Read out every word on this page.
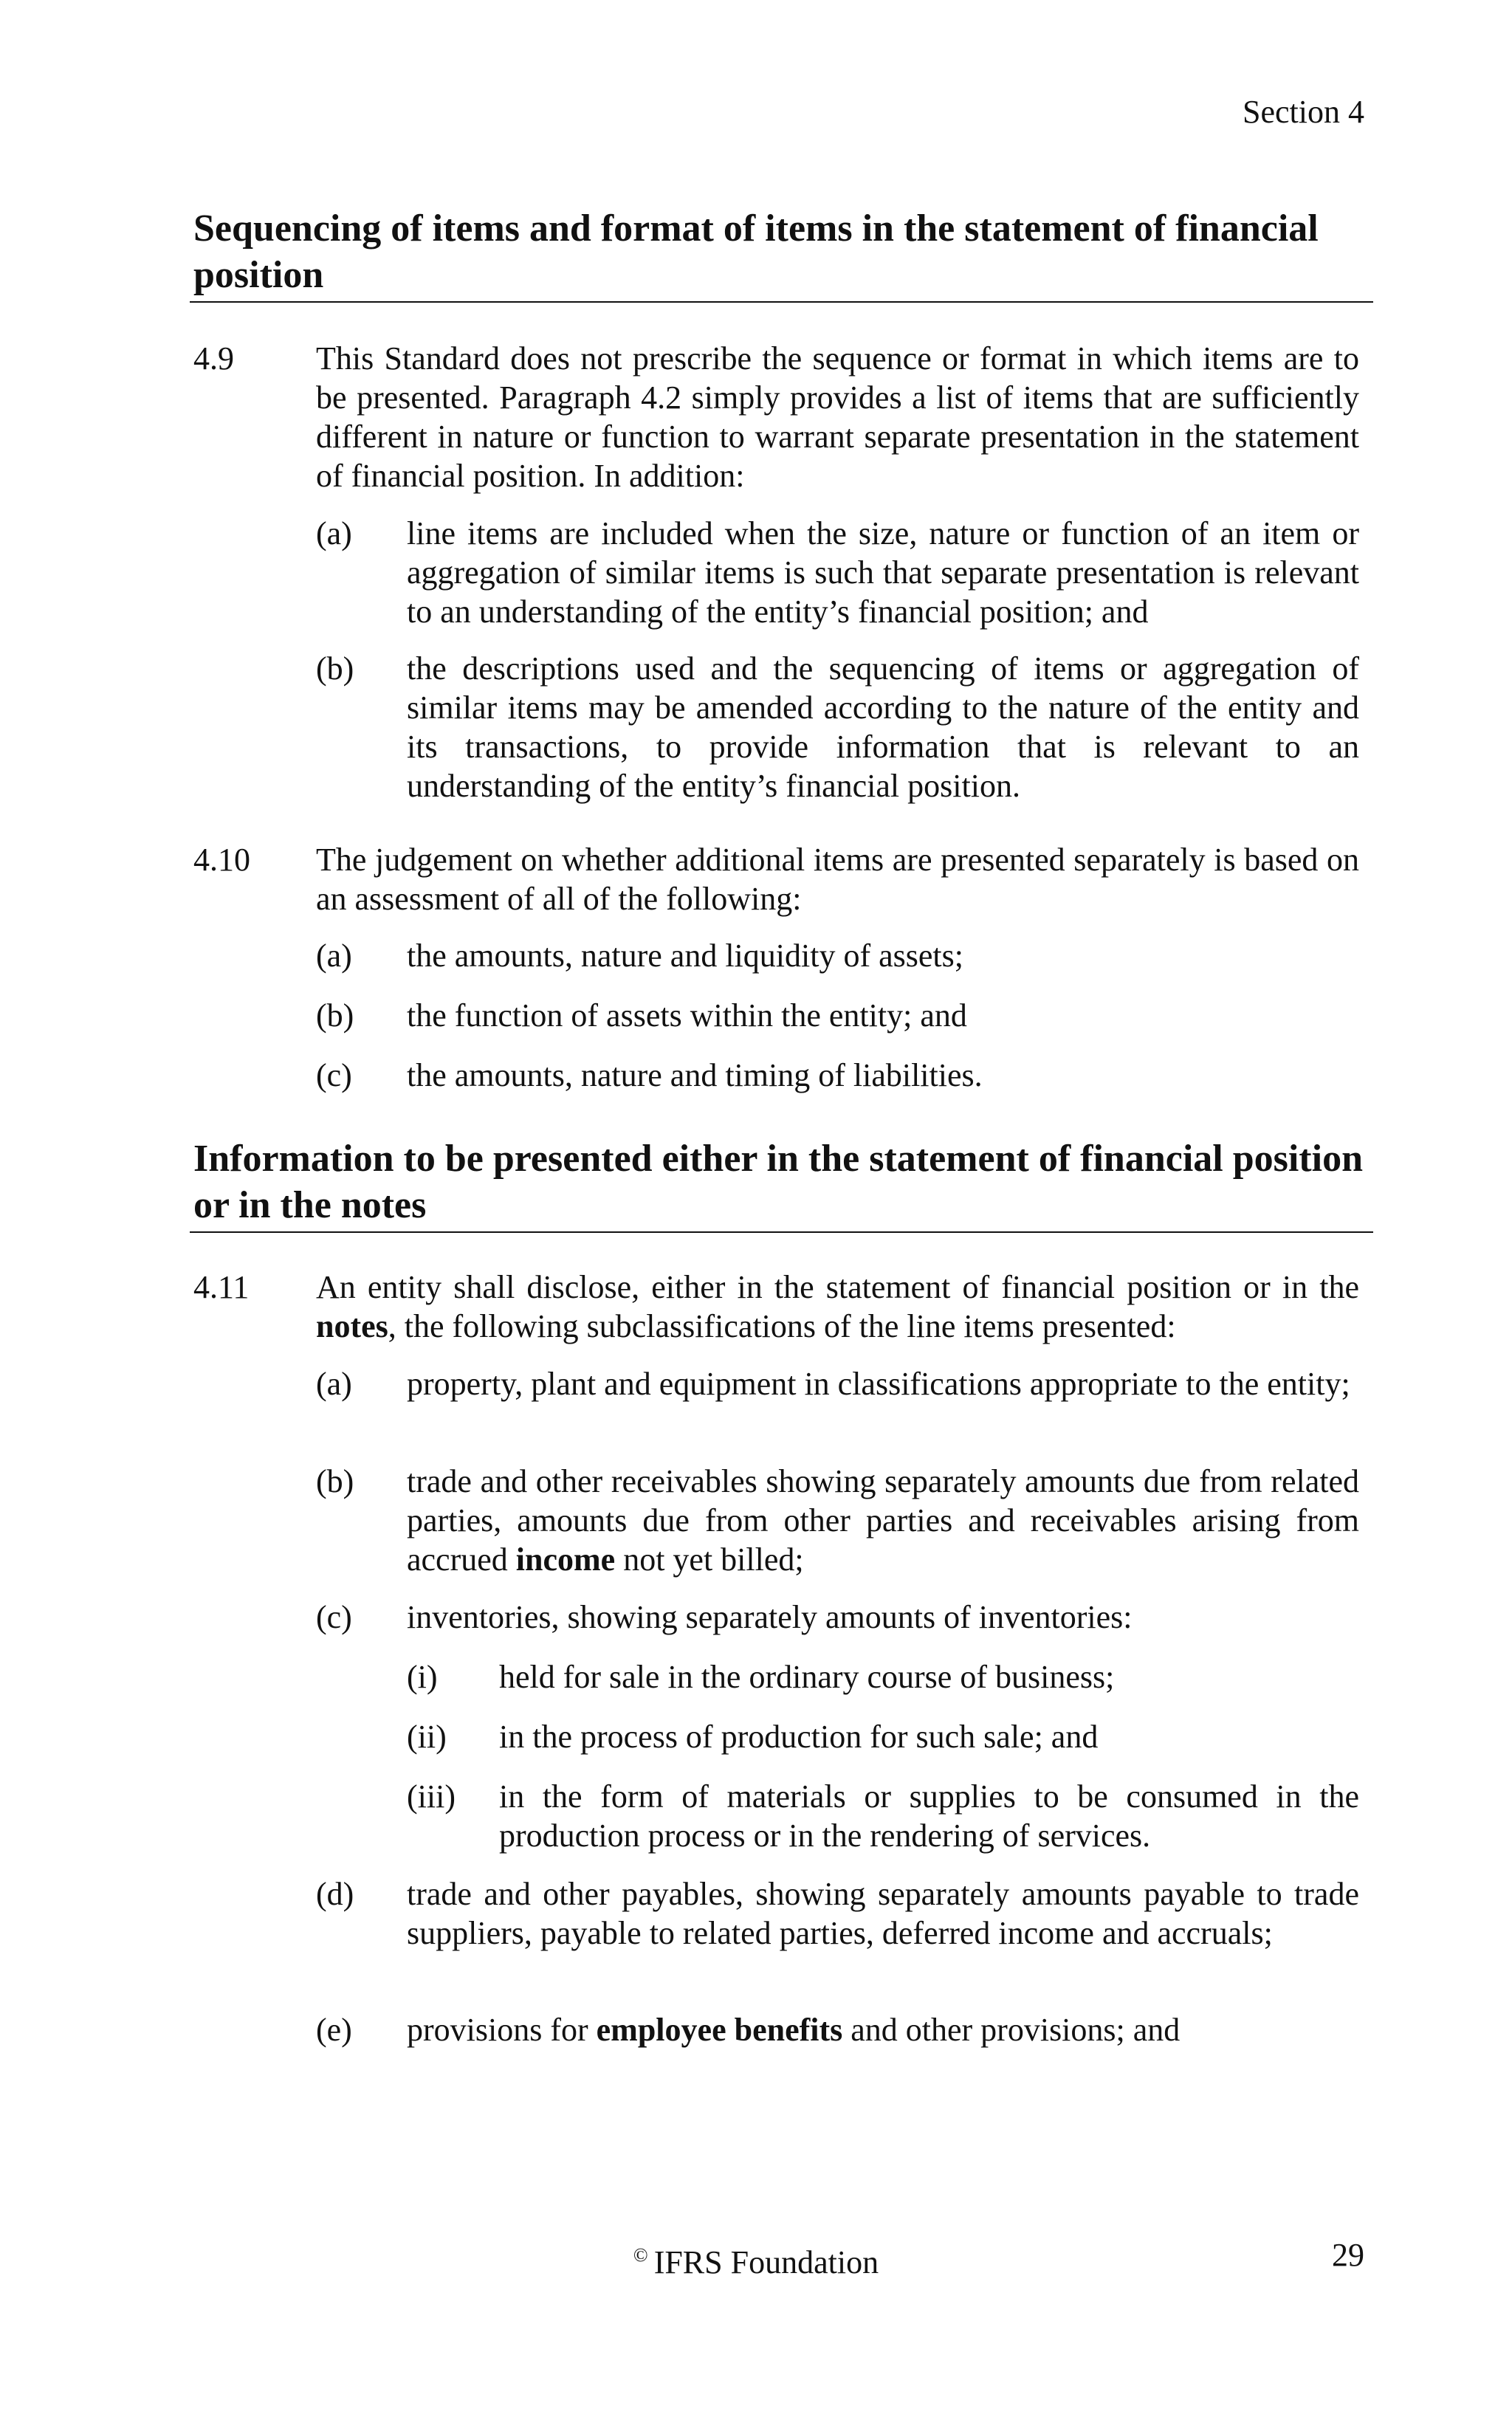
Section 4
Sequencing of items and format of items in the statement of financial position
4.9	This Standard does not prescribe the sequence or format in which items are to be presented. Paragraph 4.2 simply provides a list of items that are sufficiently different in nature or function to warrant separate presentation in the statement of financial position. In addition:
(a) line items are included when the size, nature or function of an item or aggregation of similar items is such that separate presentation is relevant to an understanding of the entity’s financial position; and
(b) the descriptions used and the sequencing of items or aggregation of similar items may be amended according to the nature of the entity and its transactions, to provide information that is relevant to an understanding of the entity’s financial position.
4.10 The judgement on whether additional items are presented separately is based on an assessment of all of the following:
(a) the amounts, nature and liquidity of assets;
(b) the function of assets within the entity; and
(c) the amounts, nature and timing of liabilities.
Information to be presented either in the statement of financial position or in the notes
4.11 An entity shall disclose, either in the statement of financial position or in the notes, the following subclassifications of the line items presented:
(a) property, plant and equipment in classifications appropriate to the entity;
(b) trade and other receivables showing separately amounts due from related parties, amounts due from other parties and receivables arising from accrued income not yet billed;
(c) inventories, showing separately amounts of inventories:
(i) held for sale in the ordinary course of business;
(ii) in the process of production for such sale; and
(iii) in the form of materials or supplies to be consumed in the production process or in the rendering of services.
(d) trade and other payables, showing separately amounts payable to trade suppliers, payable to related parties, deferred income and accruals;
(e) provisions for employee benefits and other provisions; and
© IFRS Foundation	29
